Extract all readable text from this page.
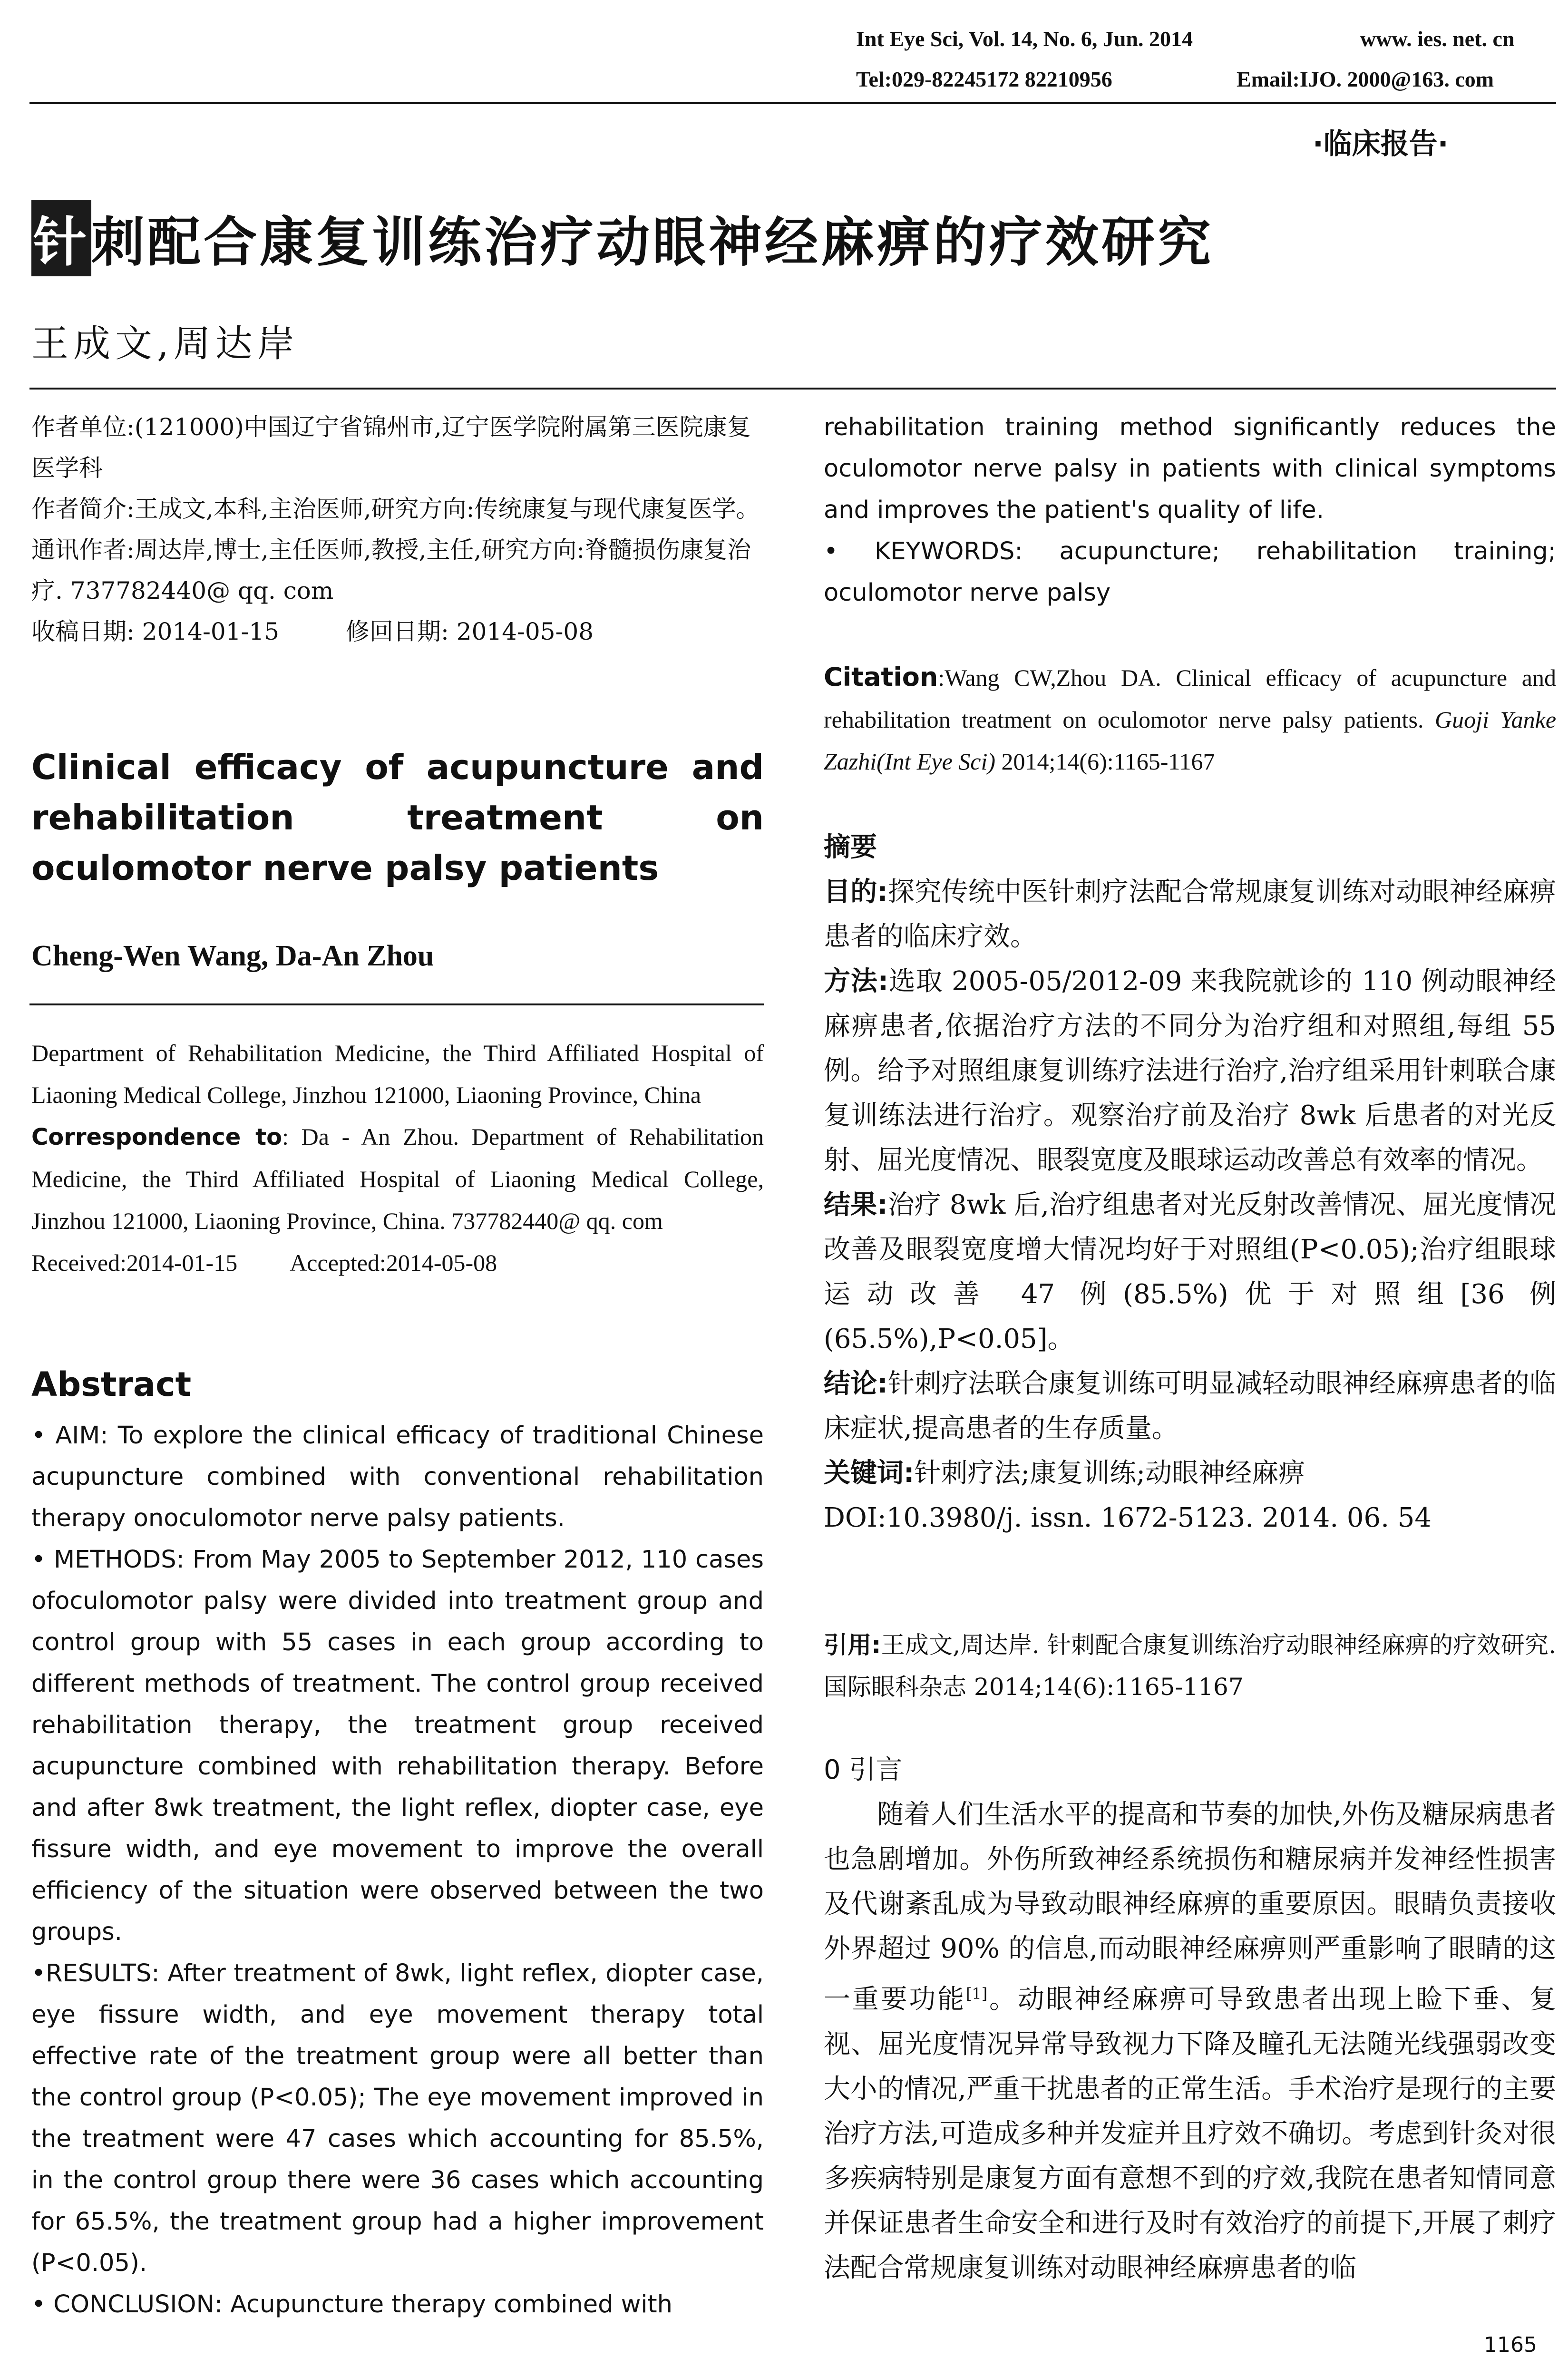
Int Eye Sci, Vol. 14, No. 6, Jun. 2014	www. ies. net. cn
Tel:029-82245172 82210956	Email:IJO. 2000@163. com
·临床报告·
针刺配合康复训练治疗动眼神经麻痹的疗效研究
王成文,周达岸

作者单位:(121000)中国辽宁省锦州市,辽宁医学院附属第三医院康复医学科

作者简介:王成文,本科,主治医师,研究方向:传统康复与现代康复医学。

通讯作者:周达岸,博士,主任医师,教授,主任,研究方向:脊髓损伤康复治疗. 737782440@ qq. com

收稿日期: 2014-01-15	修回日期: 2014-05-08

Clinical efficacy of acupuncture and rehabilitation treatment on oculomotor nerve palsy patients
Cheng-Wen Wang, Da-An Zhou

Department of Rehabilitation Medicine, the Third Affiliated Hospital of Liaoning Medical College, Jinzhou 121000, Liaoning Province, China

Correspondence to: Da - An Zhou. Department of Rehabilitation Medicine, the Third Affiliated Hospital of Liaoning Medical College, Jinzhou 121000, Liaoning Province, China. 737782440@ qq. com

Received:2014-01-15 Accepted:2014-05-08

Abstract

• AIM: To explore the clinical efficacy of traditional Chinese acupuncture combined with conventional rehabilitation therapy onoculomotor nerve palsy patients.

• METHODS: From May 2005 to September 2012, 110 cases ofoculomotor palsy were divided into treatment group and control group with 55 cases in each group according to different methods of treatment. The control group received rehabilitation therapy, the treatment group received acupuncture combined with rehabilitation therapy. Before and after 8wk treatment, the light reflex, diopter case, eye fissure width, and eye movement to improve the overall efficiency of the situation were observed between the two groups.

•RESULTS: After treatment of 8wk, light reflex, diopter case, eye fissure width, and eye movement therapy total effective rate of the treatment group were all better than the control group (P<0.05); The eye movement improved in the treatment were 47 cases which accounting for 85.5%, in the control group there were 36 cases which accounting for 65.5%, the treatment group had a higher improvement (P<0.05).

• CONCLUSION: Acupuncture therapy combined with

rehabilitation training method significantly reduces the oculomotor nerve palsy in patients with clinical symptoms and improves the patient's quality of life.

• KEYWORDS: acupuncture; rehabilitation training; oculomotor nerve palsy

Citation:Wang CW,Zhou DA. Clinical efficacy of acupuncture and rehabilitation treatment on oculomotor nerve palsy patients. Guoji Yanke Zazhi(Int Eye Sci) 2014;14(6):1165-1167

摘要

目的:探究传统中医针刺疗法配合常规康复训练对动眼神经麻痹患者的临床疗效。

方法:选取 2005-05/2012-09 来我院就诊的 110 例动眼神经麻痹患者,依据治疗方法的不同分为治疗组和对照组,每组 55 例。给予对照组康复训练疗法进行治疗,治疗组采用针刺联合康复训练法进行治疗。观察治疗前及治疗 8wk 后患者的对光反射、屈光度情况、眼裂宽度及眼球运动改善总有效率的情况。

结果:治疗 8wk 后,治疗组患者对光反射改善情况、屈光度情况改善及眼裂宽度增大情况均好于对照组(P<0.05);治疗组眼球运动改善 47 例(85.5%)优于对照组[36 例(65.5%),P<0.05]。

结论:针刺疗法联合康复训练可明显减轻动眼神经麻痹患者的临床症状,提高患者的生存质量。

关键词:针刺疗法;康复训练;动眼神经麻痹

DOI:10.3980/j. issn. 1672-5123. 2014. 06. 54

引用:王成文,周达岸. 针刺配合康复训练治疗动眼神经麻痹的疗效研究. 国际眼科杂志 2014;14(6):1165-1167

0 引言

随着人们生活水平的提高和节奏的加快,外伤及糖尿病患者也急剧增加。外伤所致神经系统损伤和糖尿病并发神经性损害及代谢紊乱成为导致动眼神经麻痹的重要原因。眼睛负责接收外界超过 90% 的信息,而动眼神经麻痹则严重影响了眼睛的这一重要功能[1]。动眼神经麻痹可导致患者出现上睑下垂、复视、屈光度情况异常导致视力下降及瞳孔无法随光线强弱改变大小的情况,严重干扰患者的正常生活。手术治疗是现行的主要治疗方法,可造成多种并发症并且疗效不确切。考虑到针灸对很多疾病特别是康复方面有意想不到的疗效,我院在患者知情同意并保证患者生命安全和进行及时有效治疗的前提下,开展了刺疗法配合常规康复训练对动眼神经麻痹患者的临

1165
